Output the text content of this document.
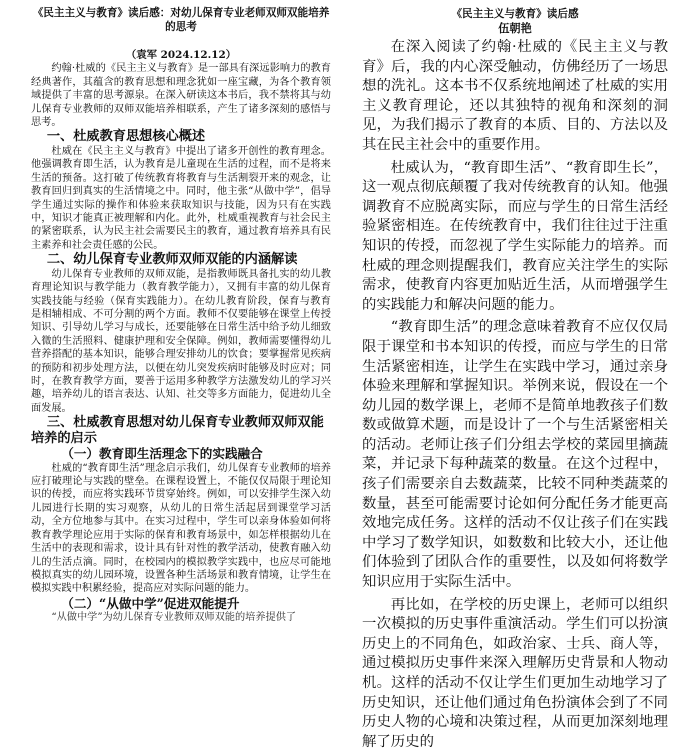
《民主主义与教育》读后感：对幼儿保育专业老师双师双能培养的思考
（袁军 2024.12.12）

约翰·杜威的《民主主义与教育》是一部具有深远影响力的教育经典著作，其蕴含的教育思想和理念犹如一座宝藏，为各个教育领域提供了丰富的思考源泉。在深入研读这本书后，我不禁将其与幼儿保育专业教师的双师双能培养相联系，产生了诸多深刻的感悟与思考。

一、杜威教育思想核心概述

杜威在《民主主义与教育》中提出了诸多开创性的教育理念。他强调教育即生活，认为教育是儿童现在生活的过程，而不是将来生活的预备。这打破了传统教育将教育与生活割裂开来的观念，让教育回归到真实的生活情境之中。同时，他主张“从做中学”，倡导学生通过实际的操作和体验来获取知识与技能，因为只有在实践中，知识才能真正被理解和内化。此外，杜威重视教育与社会民主的紧密联系，认为民主社会需要民主的教育，通过教育培养具有民主素养和社会责任感的公民。

二、幼儿保育专业教师双师双能的内涵解读

幼儿保育专业教师的双师双能，是指教师既具备扎实的幼儿教育理论知识与教学能力（教育教学能力），又拥有丰富的幼儿保育实践技能与经验（保育实践能力）。在幼儿教育阶段，保育与教育是相辅相成、不可分割的两个方面。教师不仅要能够在课堂上传授知识、引导幼儿学习与成长，还要能够在日常生活中给予幼儿细致入微的生活照料、健康护理和安全保障。例如，教师需要懂得幼儿营养搭配的基本知识，能够合理安排幼儿的饮食；要掌握常见疾病的预防和初步处理方法，以便在幼儿突发疾病时能够及时应对；同时，在教育教学方面，要善于运用多种教学方法激发幼儿的学习兴趣，培养幼儿的语言表达、认知、社交等多方面能力，促进幼儿全面发展。

三、杜威教育思想对幼儿保育专业教师双师双能培养的启示
（一）教育即生活理念下的实践融合

杜威的“教育即生活”理念启示我们，幼儿保育专业教师的培养应打破理论与实践的壁垒。在课程设置上，不能仅仅局限于理论知识的传授，而应将实践环节贯穿始终。例如，可以安排学生深入幼儿园进行长期的实习观察，从幼儿的日常生活起居到课堂学习活动，全方位地参与其中。在实习过程中，学生可以亲身体验如何将教育教学理论应用于实际的保育和教育场景中，如怎样根据幼儿在生活中的表现和需求，设计具有针对性的教学活动，使教育融入幼儿的生活点滴。同时，在校园内的模拟教学实践中，也应尽可能地模拟真实的幼儿园环境，设置各种生活场景和教育情境，让学生在模拟实践中积累经验，提高应对实际问题的能力。

（二）“从做中学”促进双能提升
“从做中学”为幼儿保育专业教师双师双能的培养提供了
《民主主义与教育》读后感
伍朝艳

在深入阅读了约翰·杜威的《民主主义与教育》后，我的内心深受触动，仿佛经历了一场思想的洗礼。这本书不仅系统地阐述了杜威的实用主义教育理论，还以其独特的视角和深刻的洞见，为我们揭示了教育的本质、目的、方法以及其在民主社会中的重要作用。

杜威认为，“教育即生活”、“教育即生长”，这一观点彻底颠覆了我对传统教育的认知。他强调教育不应脱离实际，而应与学生的日常生活经验紧密相连。在传统教育中，我们往往过于注重知识的传授，而忽视了学生实际能力的培养。而杜威的理念则提醒我们，教育应关注学生的实际需求，使教育内容更加贴近生活，从而增强学生的实践能力和解决问题的能力。

“教育即生活”的理念意味着教育不应仅仅局限于课堂和书本知识的传授，而应与学生的日常生活紧密相连，让学生在实践中学习，通过亲身体验来理解和掌握知识。举例来说，假设在一个幼儿园的数学课上，老师不是简单地教孩子们数数或做算术题，而是设计了一个与生活紧密相关的活动。老师让孩子们分组去学校的菜园里摘蔬菜，并记录下每种蔬菜的数量。在这个过程中，孩子们需要亲自去数蔬菜，比较不同种类蔬菜的数量，甚至可能需要讨论如何分配任务才能更高效地完成任务。这样的活动不仅让孩子们在实践中学习了数学知识，如数数和比较大小，还让他们体验到了团队合作的重要性，以及如何将数学知识应用于实际生活中。

再比如，在学校的历史课上，老师可以组织一次模拟的历史事件重演活动。学生们可以扮演历史上的不同角色，如政治家、士兵、商人等，通过模拟历史事件来深入理解历史背景和人物动机。这样的活动不仅让学生们更加生动地学习了历史知识，还让他们通过角色扮演体会到了不同历史人物的心境和决策过程，从而更加深刻地理解了历史的
